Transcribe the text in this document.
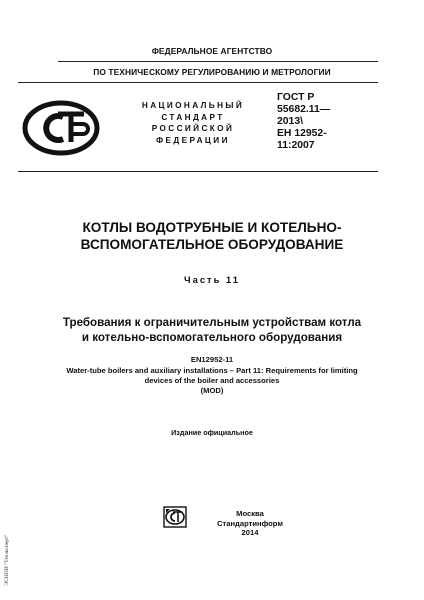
ФЕДЕРАЛЬНОЕ АГЕНТСТВО
ПО ТЕХНИЧЕСКОМУ РЕГУЛИРОВАНИЮ И МЕТРОЛОГИИ
НАЦИОНАЛЬНЫЙ
СТАНДАРТ
РОССИЙСКОЙ
ФЕДЕРАЦИИ
ГОСТ Р
55682.11—
2013\
ЕН 12952-
11:2007
КОТЛЫ ВОДОТРУБНЫЕ И КОТЕЛЬНО-
ВСПОМОГАТЕЛЬНОЕ ОБОРУДОВАНИЕ
Часть 11
Требования к ограничительным устройствам котла
и котельно-вспомогательного оборудования
EN12952-11
Water-tube boilers and auxiliary installations – Part 11: Requirements for limiting
devices of the boiler and accessories
(MOD)
Издание официальное
Москва
Стандартинформ
2014
ЭСНПИ "Техэксперт"
